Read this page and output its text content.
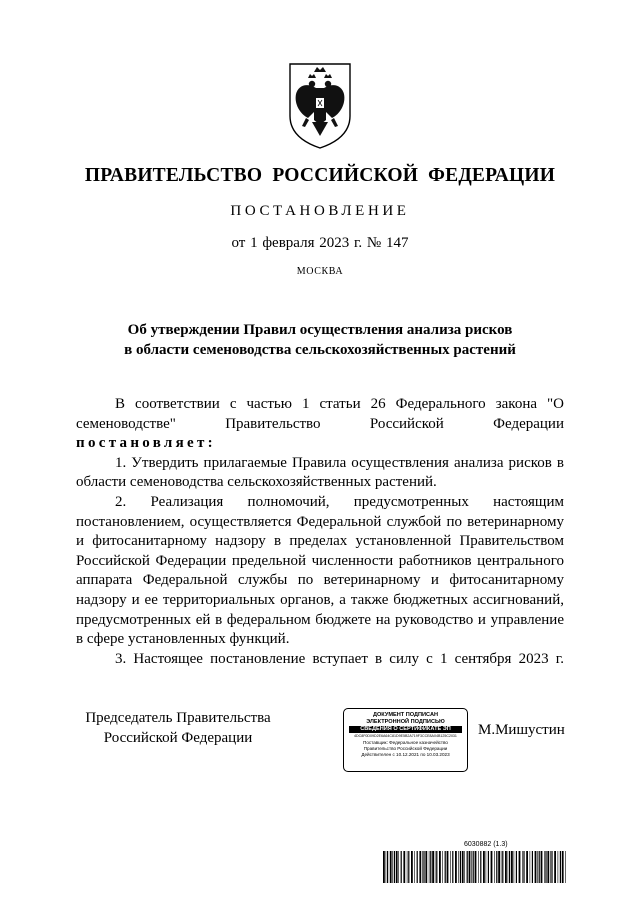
ПРАВИТЕЛЬСТВО РОССИЙСКОЙ ФЕДЕРАЦИИ
ПОСТАНОВЛЕНИЕ
от 1 февраля 2023 г. № 147
МОСКВА
Об утверждении Правил осуществления анализа рисков
в области семеноводства сельскохозяйственных растений

В соответствии с частью 1 статьи 26 Федерального закона "О семеноводстве" Правительство Российской Федерации

постановляет:

1. Утвердить прилагаемые Правила осуществления анализа рисков в области семеноводства сельскохозяйственных растений.

2. Реализация полномочий, предусмотренных настоящим постановлением, осуществляется Федеральной службой по ветеринарному и фитосанитарному надзору в пределах установленной Правительством Российской Федерации предельной численности работников центрального аппарата Федеральной службы по ветеринарному и фитосанитарному надзору и ее территориальных органов, а также бюджетных ассигнований, предусмотренных ей в федеральном бюджете на руководство и управление в сфере установленных функций.

3. Настоящее постановление вступает в силу с 1 сентября 2023 г.

Председатель Правительства
Российской Федерации
ДОКУМЕНТ ПОДПИСАН
ЭЛЕКТРОННОЙ ПОДПИСЬЮ
СВЕДЕНИЯ О СЕРТИФИКАТЕ ЭП
4DC8F0D09D2E6A64C81D9E5B2A719F3CCE8A04B125C2031
Поставщик: Федеральное казначейство
Правительство Российской Федерации
Действителен с 10.12.2021 по 10.03.2023
М.Мишустин
6030882 (1.3)
